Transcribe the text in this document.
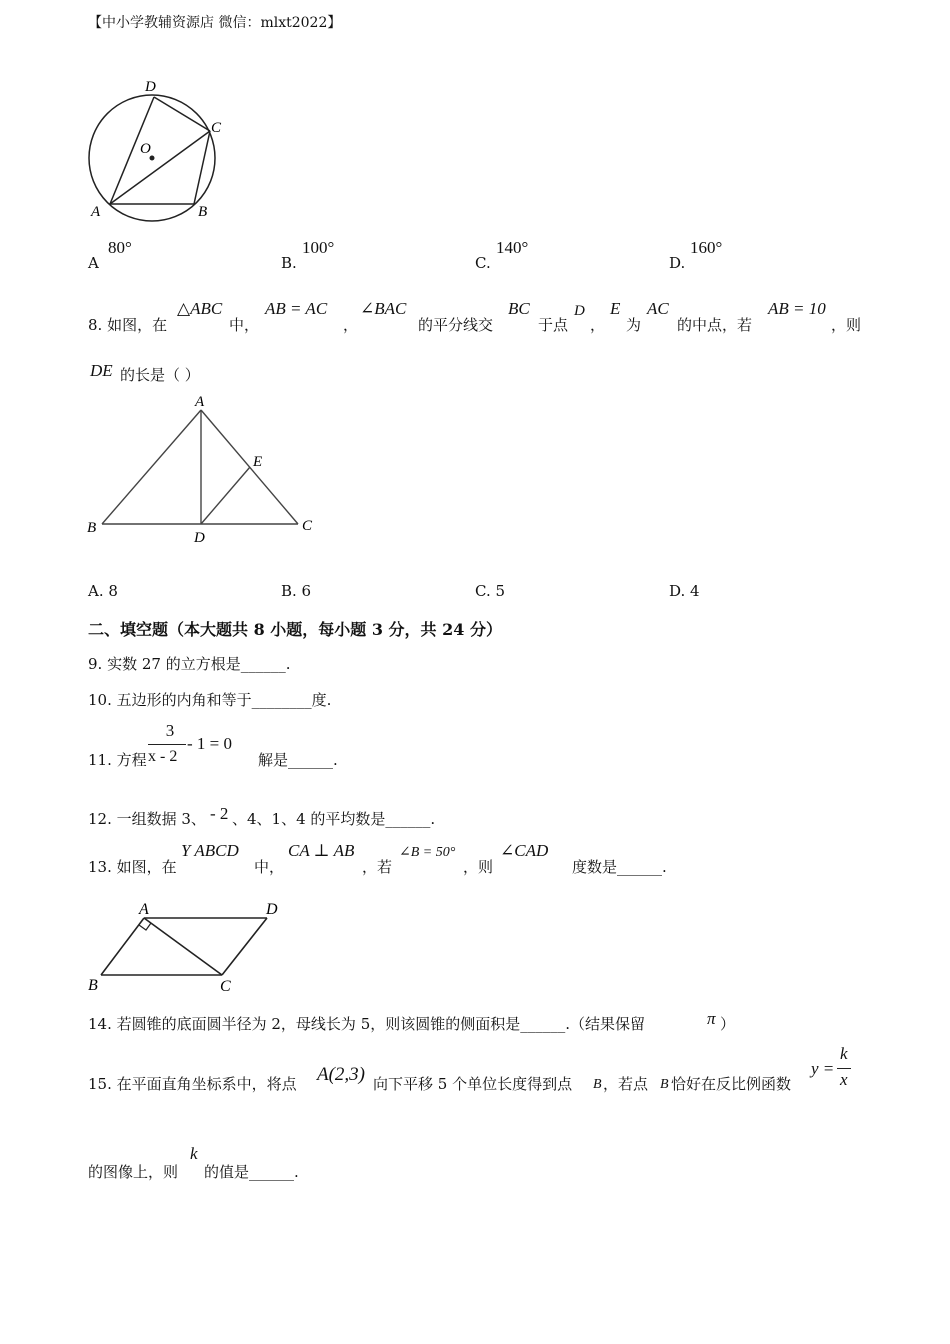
【中小学教辅资源店 微信：mlxt2022】
D
C
O
A	B
A
80°
B.
100°
C.
140°
D.
160°
8. 如图，在
△ABC
中，
AB = AC
，
∠BAC
的平分线交
BC
于点
D
，
E
为
AC
的中点，若
AB = 10
，则
DE 的长是（ ）
A
B	C
D
E
A. 8	B. 6	C. 5	D. 4
二、填空题（本大题共 8 小题，每小题 3 分，共 24 分）
9. 实数 27 的立方根是______.
10. 五边形的内角和等于________度.
11. 方程
3
x - 2
- 1 = 0
解是______.
12. 一组数据 3、 - 2 、4、1、4 的平均数是______.
13. 如图，在
Y ABCD
中，
CA ⊥ AB
，若
∠B = 50°
，则
∠CAD
度数是______.
A	D
B	C
14. 若圆锥的底面圆半径为 2，母线长为 5，则该圆锥的侧面积是______.（结果保留	π ）
15. 在平面直角坐标系中，将点 A(2,3) 向下平移 5 个单位长度得到点 B ，若点 B 恰好在反比例函数
y =
k
x
的图像上，则
k
的值是______.
